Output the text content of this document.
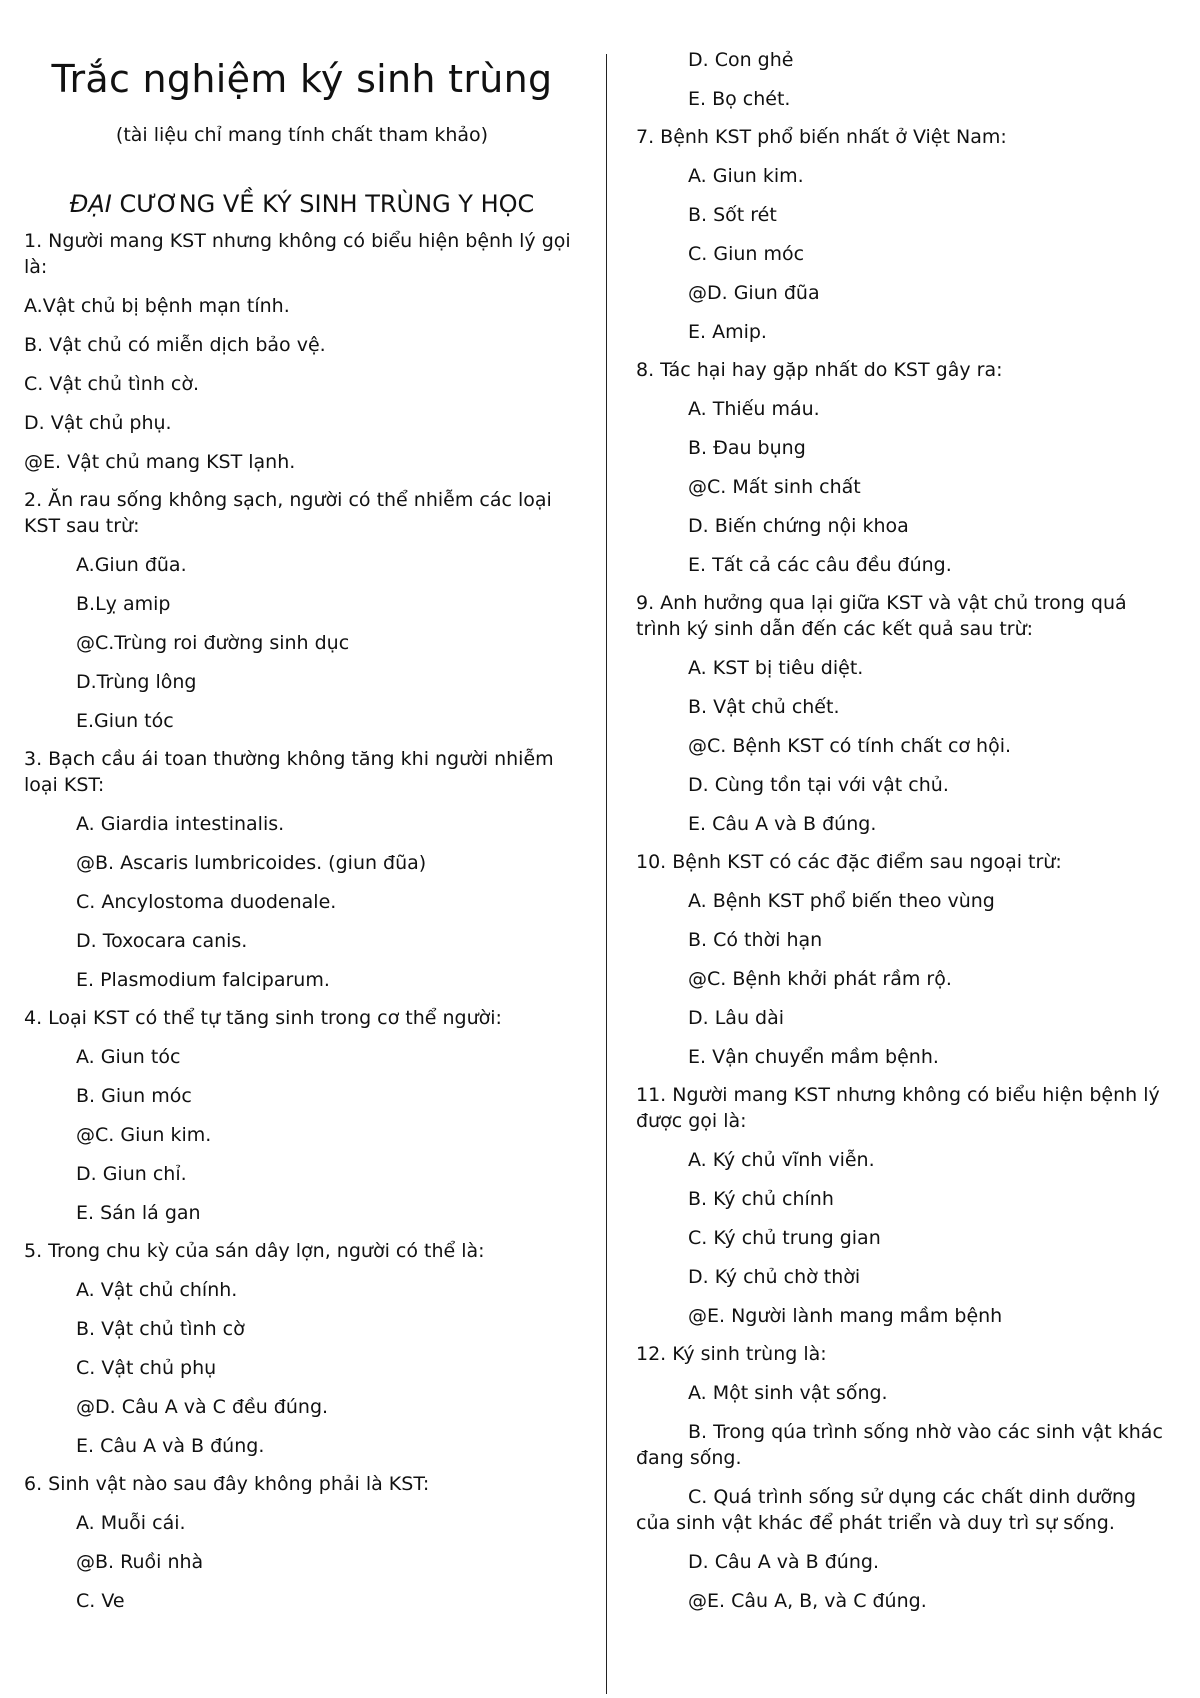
Trắc nghiệm ký sinh trùng
(tài liệu chỉ mang tính chất tham khảo)
ĐẠI CƯƠNG VỀ KÝ SINH TRÙNG Y HỌC
1. Người mang KST nhưng không có biểu hiện bệnh lý gọi là:
A.Vật chủ bị bệnh mạn tính.
B. Vật chủ có miễn dịch bảo vệ.
C. Vật chủ tình cờ.
D. Vật chủ phụ.
@E. Vật chủ mang KST lạnh.
2. Ăn rau sống không sạch, người có thể nhiễm các loại KST sau trừ:
A.Giun đũa.
B.Lỵ amip
@C.Trùng roi đường sinh dục
D.Trùng lông
E.Giun tóc
3. Bạch cầu ái toan thường không tăng khi người nhiễm loại KST:
A. Giardia intestinalis.
@B. Ascaris lumbricoides. (giun đũa)
C. Ancylostoma duodenale.
D. Toxocara canis.
E. Plasmodium falciparum.
4. Loại KST có thể tự tăng sinh trong cơ thể người:
A. Giun tóc
B. Giun móc
@C. Giun kim.
D. Giun chỉ.
E. Sán lá gan
5. Trong chu kỳ của sán dây lợn, người có thể là:
A. Vật chủ chính.
B. Vật chủ tình cờ
C. Vật chủ phụ
@D. Câu A và C đều đúng.
E. Câu A và B đúng.
6. Sinh vật nào sau đây không phải là KST:
A. Muỗi cái.
@B. Ruồi nhà
C. Ve
D. Con ghẻ
E. Bọ chét.
7. Bệnh KST phổ biến nhất ở Việt Nam:
A. Giun kim.
B. Sốt rét
C. Giun móc
@D. Giun đũa
E. Amip.
8. Tác hại hay gặp nhất do KST gây ra:
A. Thiếu máu.
B. Đau bụng
@C. Mất sinh chất
D. Biến chứng nội khoa
E. Tất cả các câu đều đúng.
9. Anh hưởng qua lại giữa KST và vật chủ trong quá trình ký sinh dẫn đến các kết quả sau trừ:
A. KST bị tiêu diệt.
B. Vật chủ chết.
@C. Bệnh KST có tính chất cơ hội.
D. Cùng tồn tại với vật chủ.
E. Câu A và B đúng.
10. Bệnh KST có các đặc điểm sau ngoại trừ:
A. Bệnh KST phổ biến theo vùng
B. Có thời hạn
@C. Bệnh khởi phát rầm rộ.
D. Lâu dài
E. Vận chuyển mầm bệnh.
11. Người mang KST nhưng không có biểu hiện bệnh lý được gọi là:
A. Ký chủ vĩnh viễn.
B. Ký chủ chính
C. Ký chủ trung gian
D. Ký chủ chờ thời
@E. Người lành mang mầm bệnh
12. Ký sinh trùng là:
A. Một sinh vật sống.
B. Trong qúa trình sống nhờ vào các sinh vật khác đang sống.
C. Quá trình sống sử dụng các chất dinh dưỡng của sinh vật khác để phát triển và duy trì sự sống.
D. Câu A và B đúng.
@E. Câu A, B, và C đúng.
